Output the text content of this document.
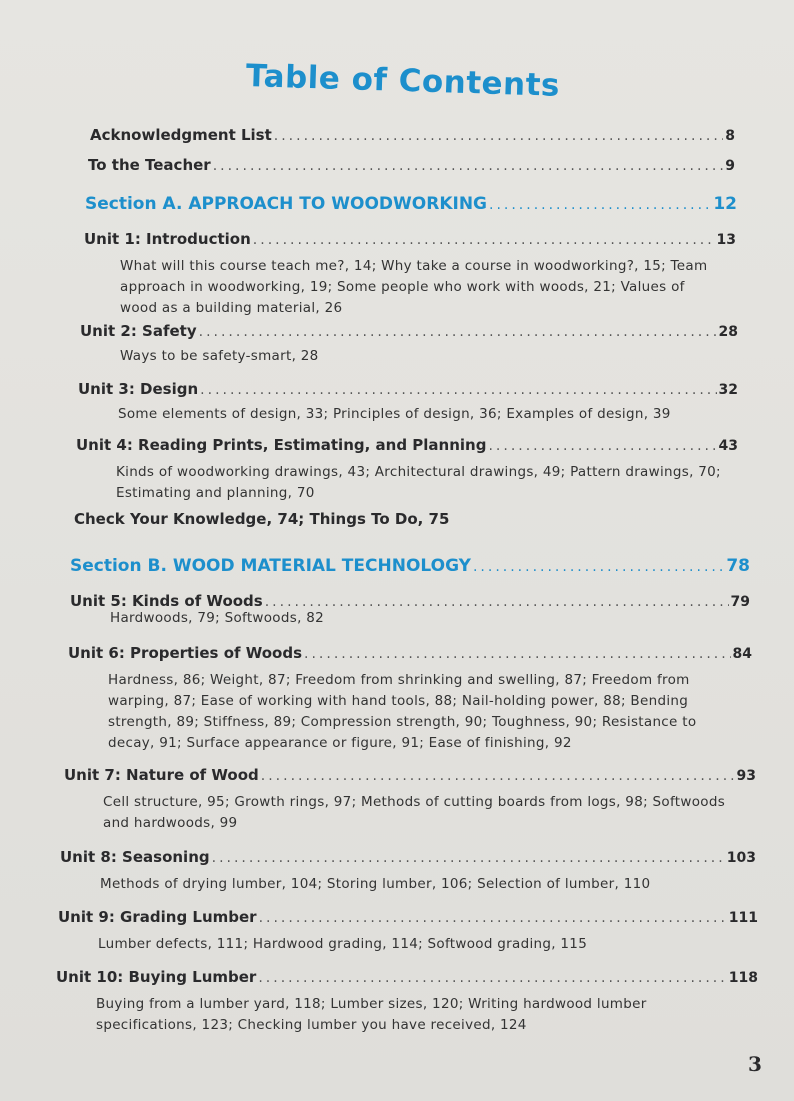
Table of Contents
Acknowledgment List .....	8
To the Teacher .....	9
Section A. APPROACH TO WOODWORKING .....	12
Unit 1: Introduction .....	13
What will this course teach me?, 14; Why take a course in woodworking?, 15; Team approach in woodworking, 19; Some people who work with woods, 21; Values of wood as a building material, 26
Unit 2: Safety .....	28
Ways to be safety-smart, 28
Unit 3: Design .....	32
Some elements of design, 33; Principles of design, 36; Examples of design, 39
Unit 4: Reading Prints, Estimating, and Planning .....	43
Kinds of woodworking drawings, 43; Architectural drawings, 49; Pattern drawings, 70; Estimating and planning, 70
Check Your Knowledge, 74; Things To Do, 75
Section B. WOOD MATERIAL TECHNOLOGY .....	78
Unit 5: Kinds of Woods .....	79
Hardwoods, 79; Softwoods, 82
Unit 6: Properties of Woods .....	84
Hardness, 86; Weight, 87; Freedom from shrinking and swelling, 87; Freedom from warping, 87; Ease of working with hand tools, 88; Nail-holding power, 88; Bending strength, 89; Stiffness, 89; Compression strength, 90; Toughness, 90; Resistance to decay, 91; Surface appearance or figure, 91; Ease of finishing, 92
Unit 7: Nature of Wood .....	93
Cell structure, 95; Growth rings, 97; Methods of cutting boards from logs, 98; Softwoods and hardwoods, 99
Unit 8: Seasoning .....	103
Methods of drying lumber, 104; Storing lumber, 106; Selection of lumber, 110
Unit 9: Grading Lumber .....	111
Lumber defects, 111; Hardwood grading, 114; Softwood grading, 115
Unit 10: Buying Lumber .....	118
Buying from a lumber yard, 118; Lumber sizes, 120; Writing hardwood lumber specifications, 123; Checking lumber you have received, 124
3
